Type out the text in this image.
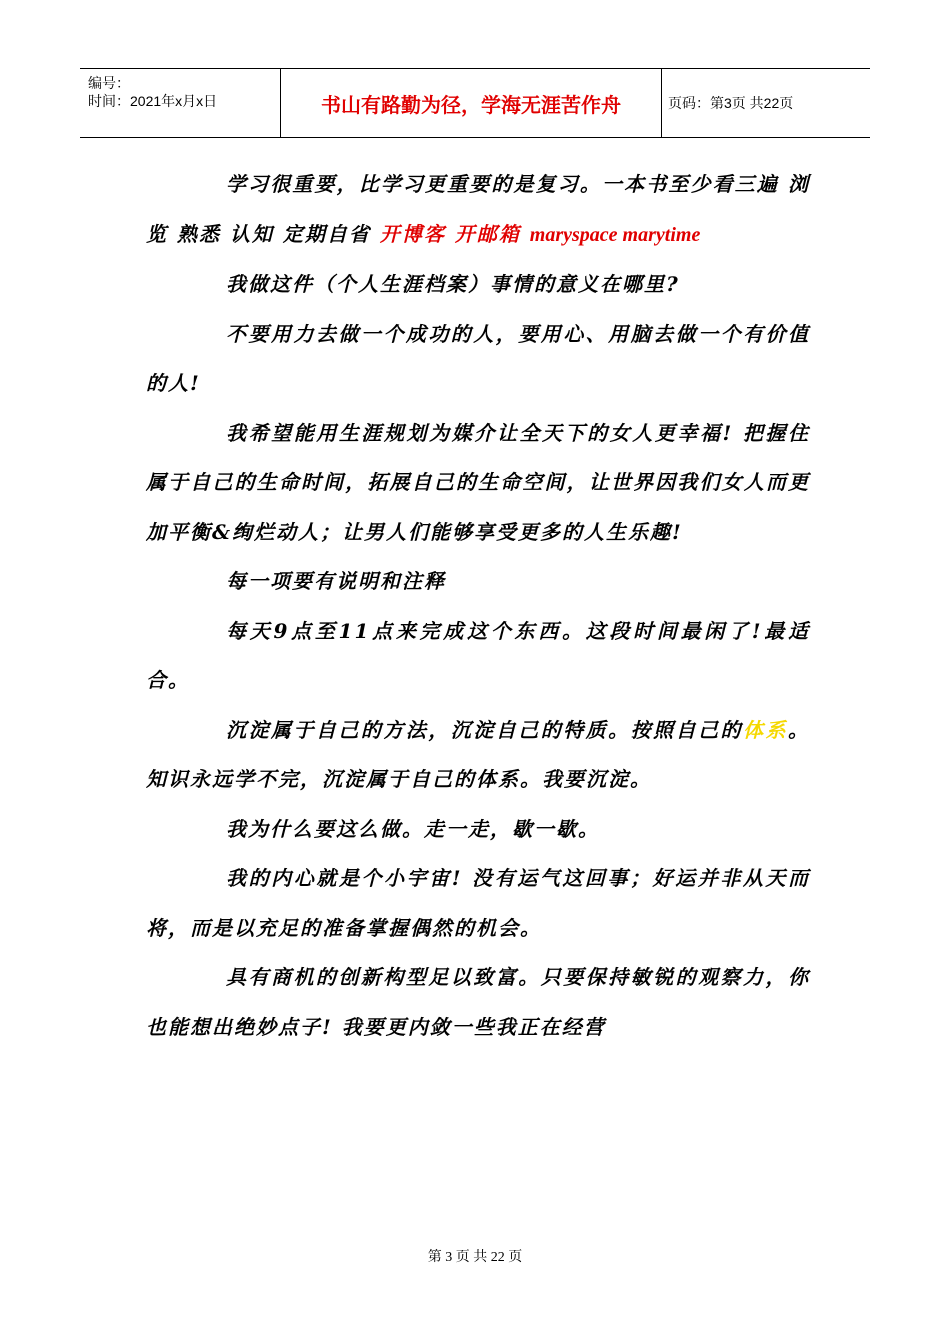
编号：
时间：2021年x月x日	书山有路勤为径，学海无涯苦作舟	页码：第3页 共22页

学习很重要，比学习更重要的是复习。一本书至少看三遍 浏览 熟悉 认知 定期自省 开博客 开邮箱 maryspace marytime

我做这件（个人生涯档案）事情的意义在哪里?

不要用力去做一个成功的人，要用心、用脑去做一个有价值的人!

我希望能用生涯规划为媒介让全天下的女人更幸福! 把握住属于自己的生命时间，拓展自己的生命空间，让世界因我们女人而更加平衡&绚烂动人；让男人们能够享受更多的人生乐趣!

每一项要有说明和注释

每天9点至11点来完成这个东西。这段时间最闲了!最适合。

沉淀属于自己的方法，沉淀自己的特质。按照自己的体系。 知识永远学不完，沉淀属于自己的体系。我要沉淀。

我为什么要这么做。走一走，歇一歇。

我的内心就是个小宇宙! 没有运气这回事；好运并非从天而将，而是以充足的准备掌握偶然的机会。

具有商机的创新构型足以致富。只要保持敏锐的观察力，你也能想出绝妙点子! 我要更内敛一些我正在经营

第 3 页 共 22 页
